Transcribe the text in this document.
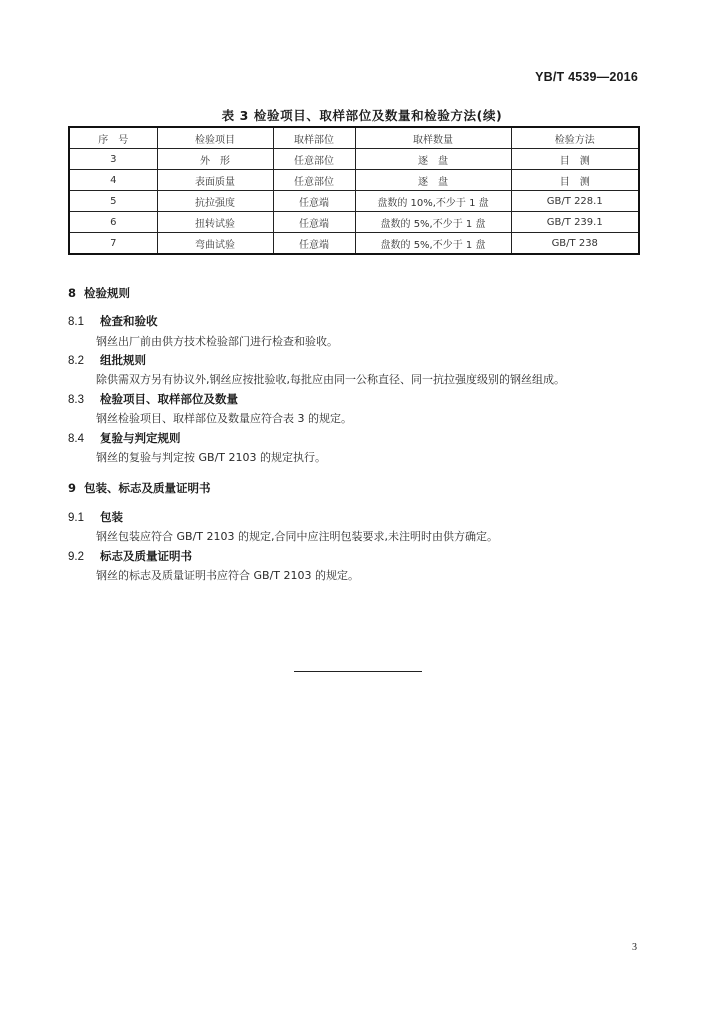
YB/T 4539—2016
表 3 检验项目、取样部位及数量和检验方法(续)
序　号	检验项目	取样部位	取样数量	检验方法
3	外　形	任意部位	逐　盘	目　测
4	表面质量	任意部位	逐　盘	目　测
5	抗拉强度	任意端	盘数的 10%,不少于 1 盘	GB/T 228.1
6	扭转试验	任意端	盘数的 5%,不少于 1 盘	GB/T 239.1
7	弯曲试验	任意端	盘数的 5%,不少于 1 盘	GB/T 238
8 检验规则
8.1 检查和验收
钢丝出厂前由供方技术检验部门进行检查和验收。
8.2 组批规则
除供需双方另有协议外,钢丝应按批验收,每批应由同一公称直径、同一抗拉强度级别的钢丝组成。
8.3 检验项目、取样部位及数量
钢丝检验项目、取样部位及数量应符合表 3 的规定。
8.4 复验与判定规则
钢丝的复验与判定按 GB/T 2103 的规定执行。
9 包装、标志及质量证明书
9.1 包装
钢丝包装应符合 GB/T 2103 的规定,合同中应注明包装要求,未注明时由供方确定。
9.2 标志及质量证明书
钢丝的标志及质量证明书应符合 GB/T 2103 的规定。
3
